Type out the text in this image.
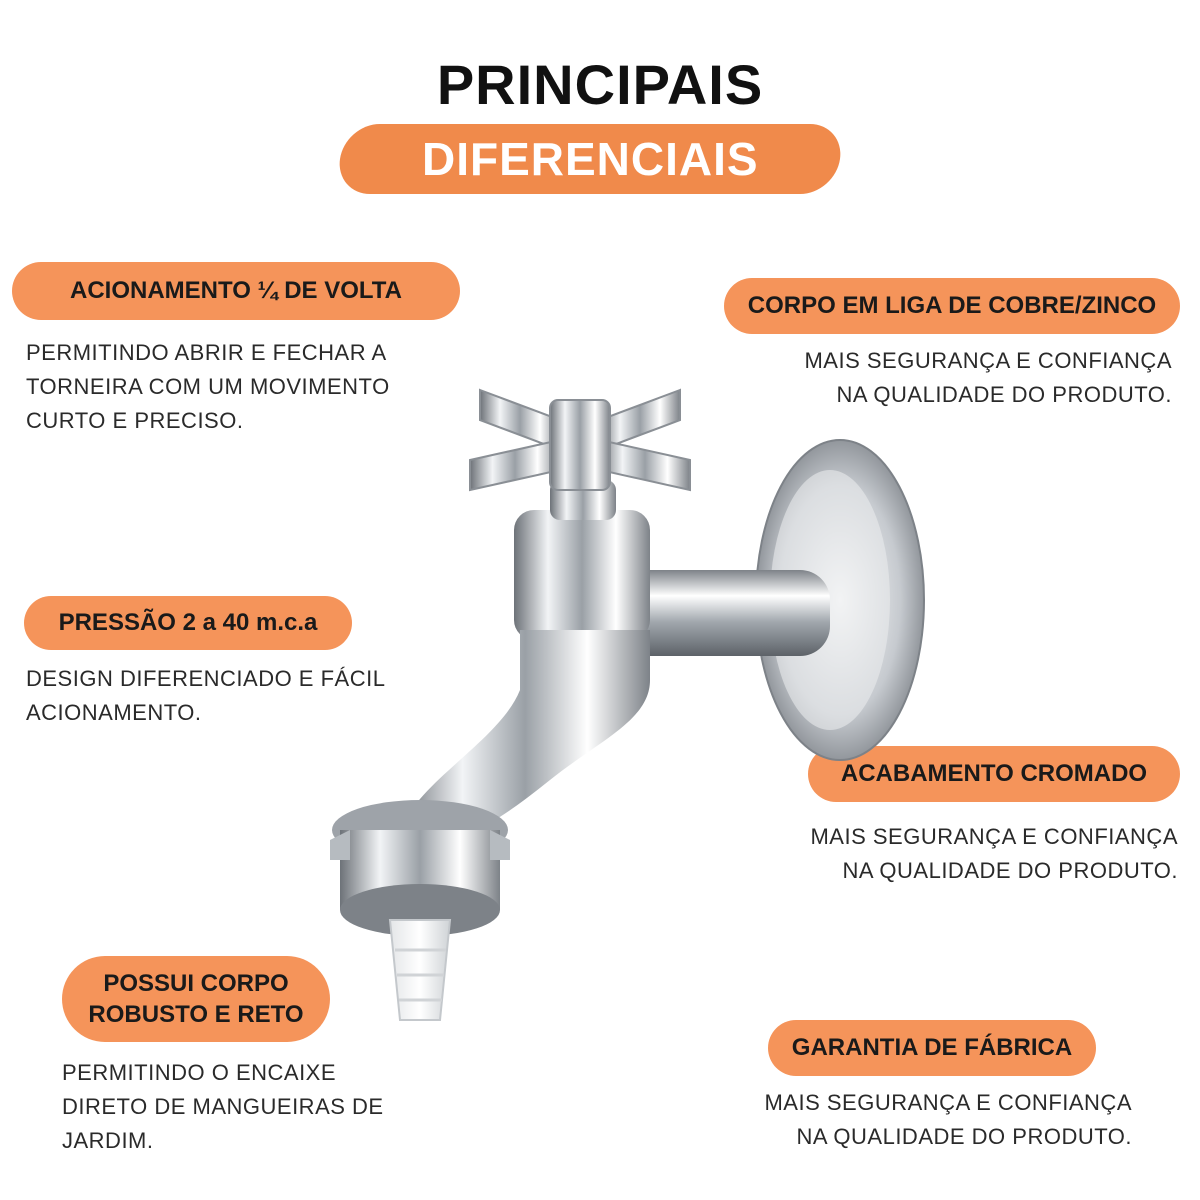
PRINCIPAIS
DIFERENCIAIS
ACIONAMENTO ¼ DE VOLTA
PERMITINDO ABRIR E FECHAR A
TORNEIRA COM UM MOVIMENTO
CURTO E PRECISO.
CORPO EM LIGA DE COBRE/ZINCO
MAIS SEGURANÇA E CONFIANÇA
NA QUALIDADE DO PRODUTO.
PRESSÃO 2 a 40 m.c.a
DESIGN DIFERENCIADO E FÁCIL
ACIONAMENTO.
ACABAMENTO CROMADO
MAIS SEGURANÇA E CONFIANÇA
NA QUALIDADE DO PRODUTO.
POSSUI CORPO
ROBUSTO E RETO
PERMITINDO O ENCAIXE
DIRETO DE MANGUEIRAS DE
JARDIM.
GARANTIA DE FÁBRICA
MAIS SEGURANÇA E CONFIANÇA
NA QUALIDADE DO PRODUTO.
